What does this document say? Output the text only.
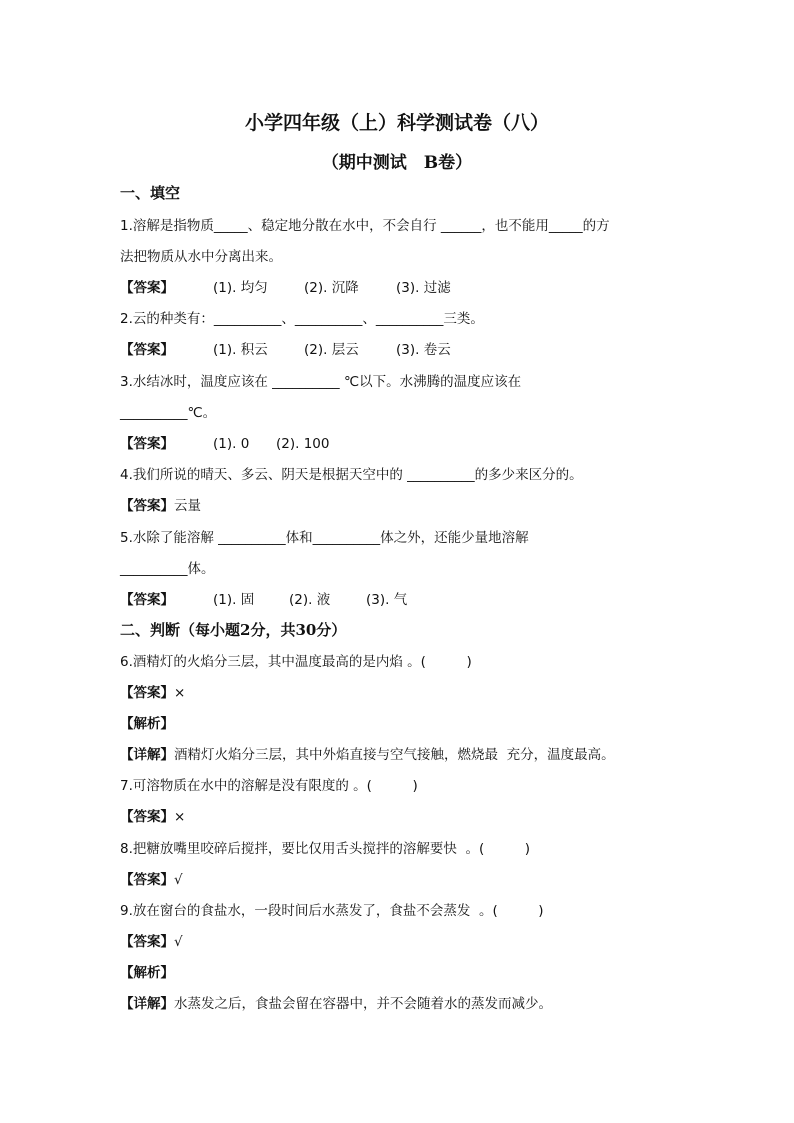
小学四年级（上）科学测试卷（八）
（期中测试　B卷）
一、填空
1.溶解是指物质_____、稳定地分散在水中，不会自行 ______，也不能用_____的方
法把物质从水中分离出来。
【答案】	(1). 均匀	(2). 沉降	(3). 过滤
2.云的种类有：__________、__________、__________三类。
【答案】	(1). 积云	(2). 层云	(3). 卷云
3.水结冰时，温度应该在 __________ ℃以下。水沸腾的温度应该在
__________℃。
【答案】	(1). 0 (2). 100
4.我们所说的晴天、多云、阴天是根据天空中的 __________的多少来区分的。
【答案】云量
5.水除了能溶解 __________体和__________体之外，还能少量地溶解
__________体。
【答案】	(1). 固	(2). 液	(3). 气
二、判断（每小题2分，共30分）
6.酒精灯的火焰分三层，其中温度最高的是内焰 。(　　　)
【答案】×
【解析】
【详解】酒精灯火焰分三层，其中外焰直接与空气接触，燃烧最  充分，温度最高。
7.可溶物质在水中的溶解是没有限度的 。(　　　)
【答案】×
8.把糖放嘴里咬碎后搅拌，要比仅用舌头搅拌的溶解要快  。(　　　)
【答案】√
9.放在窗台的食盐水，一段时间后水蒸发了，食盐不会蒸发  。(　　　)
【答案】√
【解析】
【详解】水蒸发之后，食盐会留在容器中，并不会随着水的蒸发而减少。
